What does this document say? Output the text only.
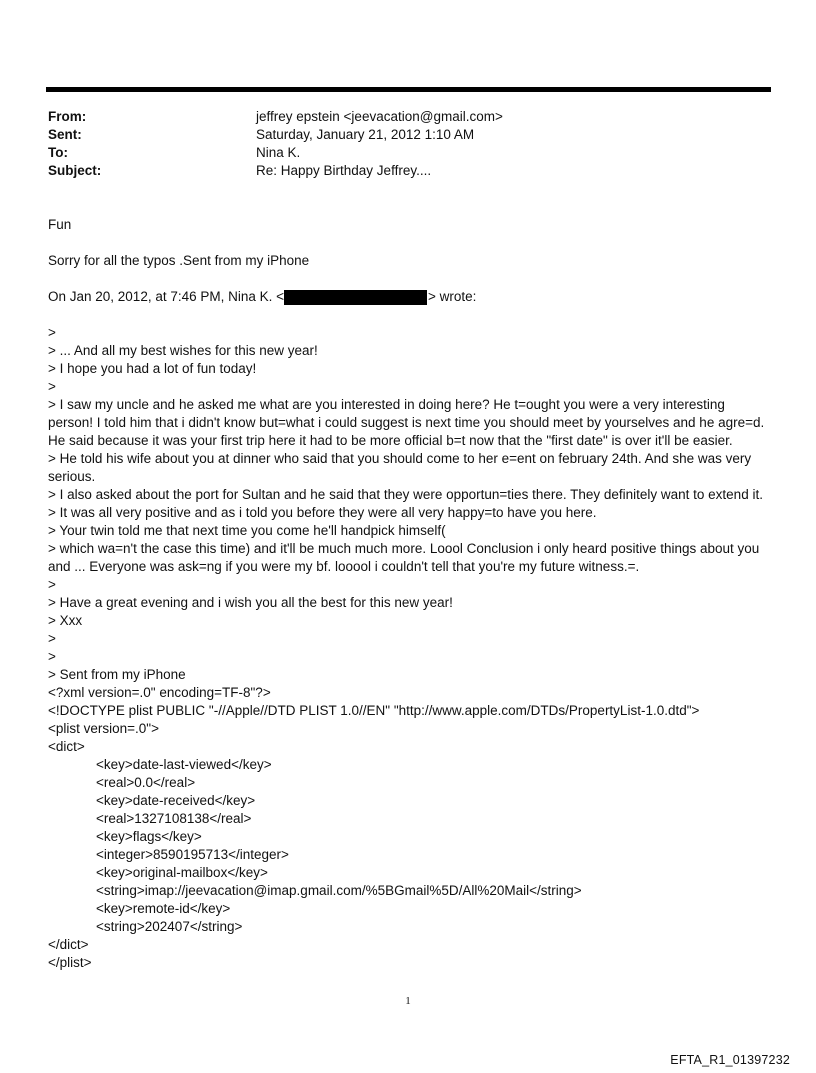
From:	jeffrey epstein <jeevacation@gmail.com>
Sent:	Saturday, January 21, 2012 1:10 AM
To:	Nina K.
Subject:	Re: Happy Birthday Jeffrey....

Fun

Sorry for all the typos .Sent from my iPhone

On Jan 20, 2012, at 7:46 PM, Nina K. <	> wrote:

>

> ... And all my best wishes for this new year!

> I hope you had a lot of fun today!

>

> I saw my uncle and he asked me what are you interested in doing here? He t=ought you were a very interesting person! I told him that i didn't know but=what i could suggest is next time you should meet by yourselves and he agre=d. He said because it was your first trip here it had to be more official b=t now that the "first date" is over it'll be easier.

> He told his wife about you at dinner who said that you should come to her e=ent on february 24th. And she was very serious.

> I also asked about the port for Sultan and he said that they were opportun=ties there. They definitely want to extend it.

> It was all very positive and as i told you before they were all very happy=to have you here.

> Your twin told me that next time you come he'll handpick himself(

> which wa=n't the case this time) and it'll be much much more. Loool Conclusion i only heard positive things about you and ... Everyone was ask=ng if you were my bf. looool i couldn't tell that you're my future witness.=.

>

> Have a great evening and i wish you all the best for this new year!

> Xxx

>

>

> Sent from my iPhone

<?xml version=.0" encoding=TF-8"?>

<!DOCTYPE plist PUBLIC "-//Apple//DTD PLIST 1.0//EN" "http://www.apple.com/DTDs/PropertyList-1.0.dtd">

<plist version=.0">

<dict>

<key>date-last-viewed</key>

<real>0.0</real>

<key>date-received</key>

<real>1327108138</real>

<key>flags</key>

<integer>8590195713</integer>

<key>original-mailbox</key>

<string>imap://jeevacation@imap.gmail.com/%5BGmail%5D/All%20Mail</string>

<key>remote-id</key>

<string>202407</string>

</dict>

</plist>

1
EFTA_R1_01397232
